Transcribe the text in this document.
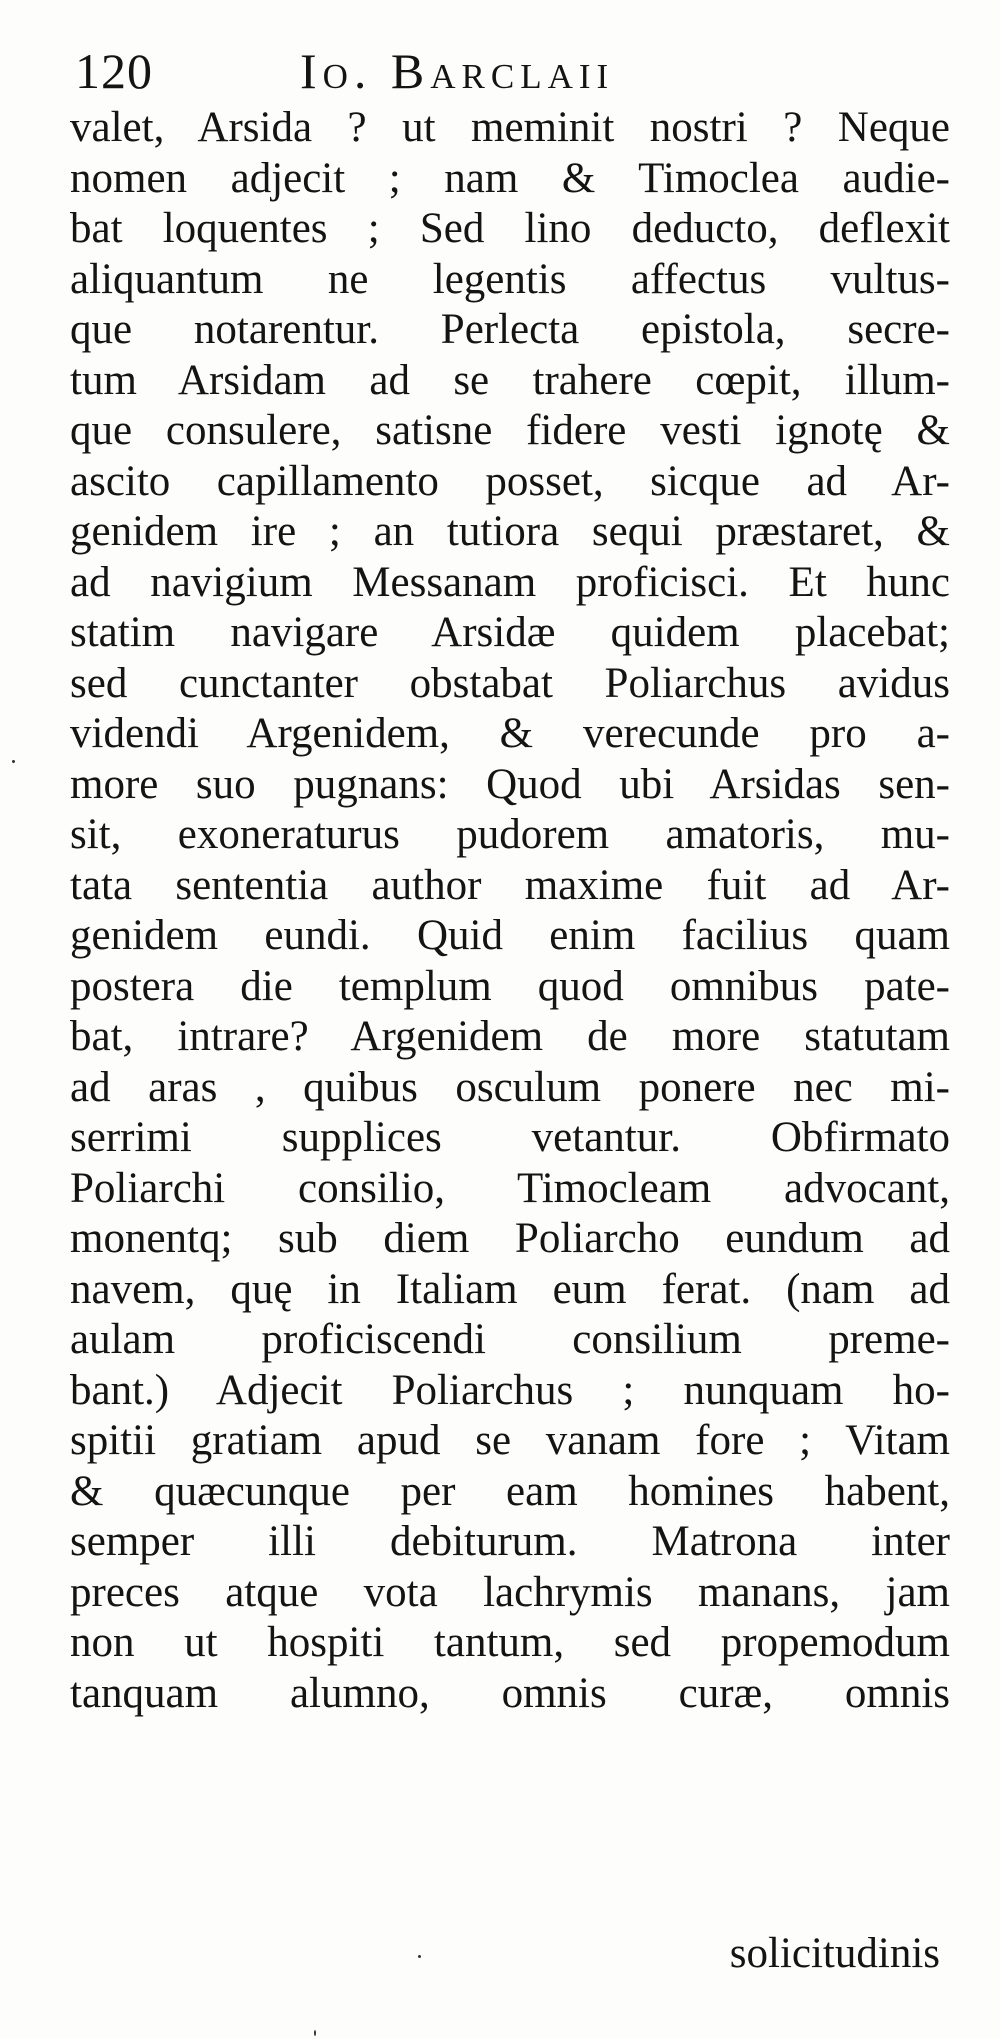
120	Io. Barclaii
valet, Arsida ? ut meminit nostri ? Neque
nomen adjecit ; nam & Timoclea audie-
bat loquentes ; Sed lino deducto, deflexit
aliquantum ne legentis affectus vultus-
que notarentur. Perlecta epistola, secre-
tum Arsidam ad se trahere cœpit, illum-
que consulere, satisne fidere vesti ignotę &
ascito capillamento posset, sicque ad Ar-
genidem ire ; an tutiora sequi præstaret, &
ad navigium Messanam proficisci. Et hunc
statim navigare Arsidæ quidem placebat;
sed cunctanter obstabat Poliarchus avidus
videndi Argenidem, & verecunde pro a-
more suo pugnans: Quod ubi Arsidas sen-
sit, exoneraturus pudorem amatoris, mu-
tata sententia author maxime fuit ad Ar-
genidem eundi. Quid enim facilius quam
postera die templum quod omnibus pate-
bat, intrare? Argenidem de more statutam
ad aras , quibus osculum ponere nec mi-
serrimi supplices vetantur. Obfirmato
Poliarchi consilio, Timocleam advocant,
monentq; sub diem Poliarcho eundum ad
navem, quę in Italiam eum ferat. (nam ad
aulam proficiscendi consilium preme-
bant.) Adjecit Poliarchus ; nunquam ho-
spitii gratiam apud se vanam fore ; Vitam
& quæcunque per eam homines habent,
semper illi debiturum. Matrona inter
preces atque vota lachrymis manans, jam
non ut hospiti tantum, sed propemodum
tanquam alumno, omnis curæ, omnis
solicitudinis
